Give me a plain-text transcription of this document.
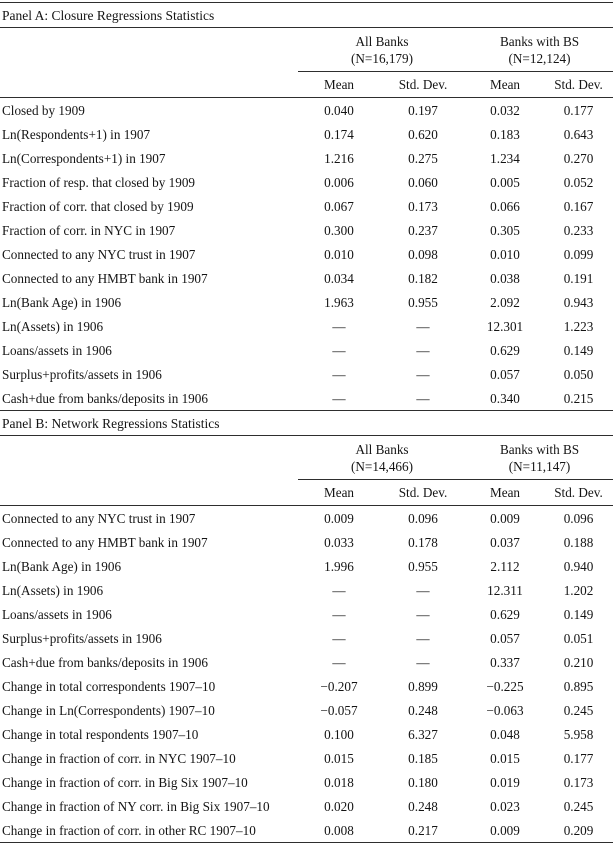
Panel A: Closure Regressions Statistics

All Banks
(N=16,179)

Banks with BS
(N=12,124)

	Mean	Std. Dev.	Mean	Std. Dev.
Closed by 1909	0.040	0.197	0.032	0.177
Ln(Respondents+1) in 1907	0.174	0.620	0.183	0.643
Ln(Correspondents+1) in 1907	1.216	0.275	1.234	0.270
Fraction of resp. that closed by 1909	0.006	0.060	0.005	0.052
Fraction of corr. that closed by 1909	0.067	0.173	0.066	0.167
Fraction of corr. in NYC in 1907	0.300	0.237	0.305	0.233
Connected to any NYC trust in 1907	0.010	0.098	0.010	0.099
Connected to any HMBT bank in 1907	0.034	0.182	0.038	0.191
Ln(Bank Age) in 1906	1.963	0.955	2.092	0.943
Ln(Assets) in 1906	—	—	12.301	1.223
Loans/assets in 1906	—	—	0.629	0.149
Surplus+profits/assets in 1906	—	—	0.057	0.050
Cash+due from banks/deposits in 1906	—	—	0.340	0.215
Panel B: Network Regressions Statistics

All Banks
(N=14,466)

Banks with BS
(N=11,147)

	Mean	Std. Dev.	Mean	Std. Dev.
Connected to any NYC trust in 1907	0.009	0.096	0.009	0.096
Connected to any HMBT bank in 1907	0.033	0.178	0.037	0.188
Ln(Bank Age) in 1906	1.996	0.955	2.112	0.940
Ln(Assets) in 1906	—	—	12.311	1.202
Loans/assets in 1906	—	—	0.629	0.149
Surplus+profits/assets in 1906	—	—	0.057	0.051
Cash+due from banks/deposits in 1906	—	—	0.337	0.210
Change in total correspondents 1907–10	−0.207	0.899	−0.225	0.895
Change in Ln(Correspondents) 1907–10	−0.057	0.248	−0.063	0.245
Change in total respondents 1907–10	0.100	6.327	0.048	5.958
Change in fraction of corr. in NYC 1907–10	0.015	0.185	0.015	0.177
Change in fraction of corr. in Big Six 1907–10	0.018	0.180	0.019	0.173
Change in fraction of NY corr. in Big Six 1907–10	0.020	0.248	0.023	0.245
Change in fraction of corr. in other RC 1907–10	0.008	0.217	0.009	0.209
